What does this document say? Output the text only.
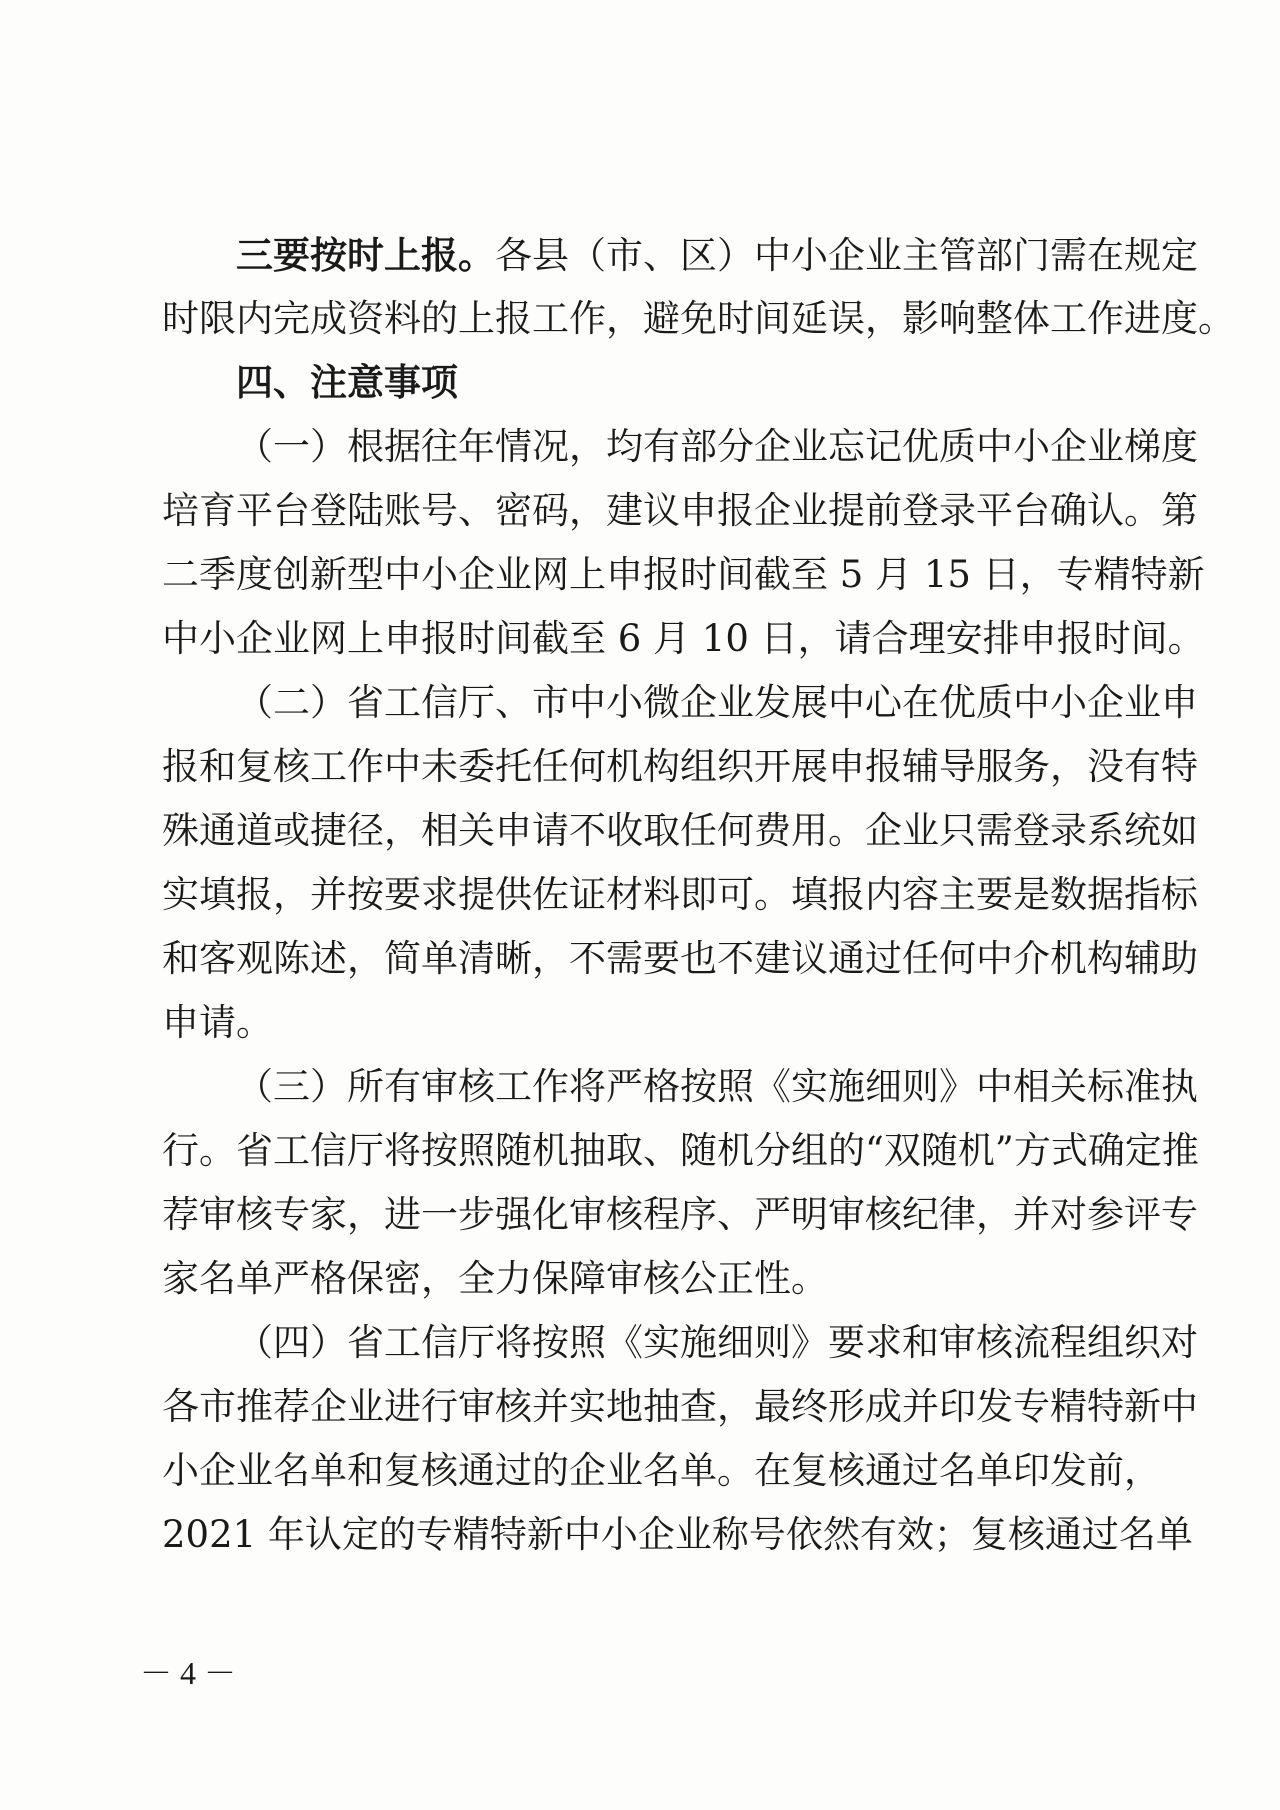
三要按时上报。各县（市、区）中小企业主管部门需在规定
时限内完成资料的上报工作，避免时间延误，影响整体工作进度。
四、注意事项
（一）根据往年情况，均有部分企业忘记优质中小企业梯度
培育平台登陆账号、密码，建议申报企业提前登录平台确认。第
二季度创新型中小企业网上申报时间截至 5 月 15 日，专精特新
中小企业网上申报时间截至 6 月 10 日，请合理安排申报时间。
（二）省工信厅、市中小微企业发展中心在优质中小企业申
报和复核工作中未委托任何机构组织开展申报辅导服务，没有特
殊通道或捷径，相关申请不收取任何费用。企业只需登录系统如
实填报，并按要求提供佐证材料即可。填报内容主要是数据指标
和客观陈述，简单清晰，不需要也不建议通过任何中介机构辅助
申请。
（三）所有审核工作将严格按照《实施细则》中相关标准执
行。省工信厅将按照随机抽取、随机分组的“双随机”方式确定推
荐审核专家，进一步强化审核程序、严明审核纪律，并对参评专
家名单严格保密，全力保障审核公正性。
（四）省工信厅将按照《实施细则》要求和审核流程组织对
各市推荐企业进行审核并实地抽查，最终形成并印发专精特新中
小企业名单和复核通过的企业名单。在复核通过名单印发前，
2021 年认定的专精特新中小企业称号依然有效；复核通过名单
－ 4 －
